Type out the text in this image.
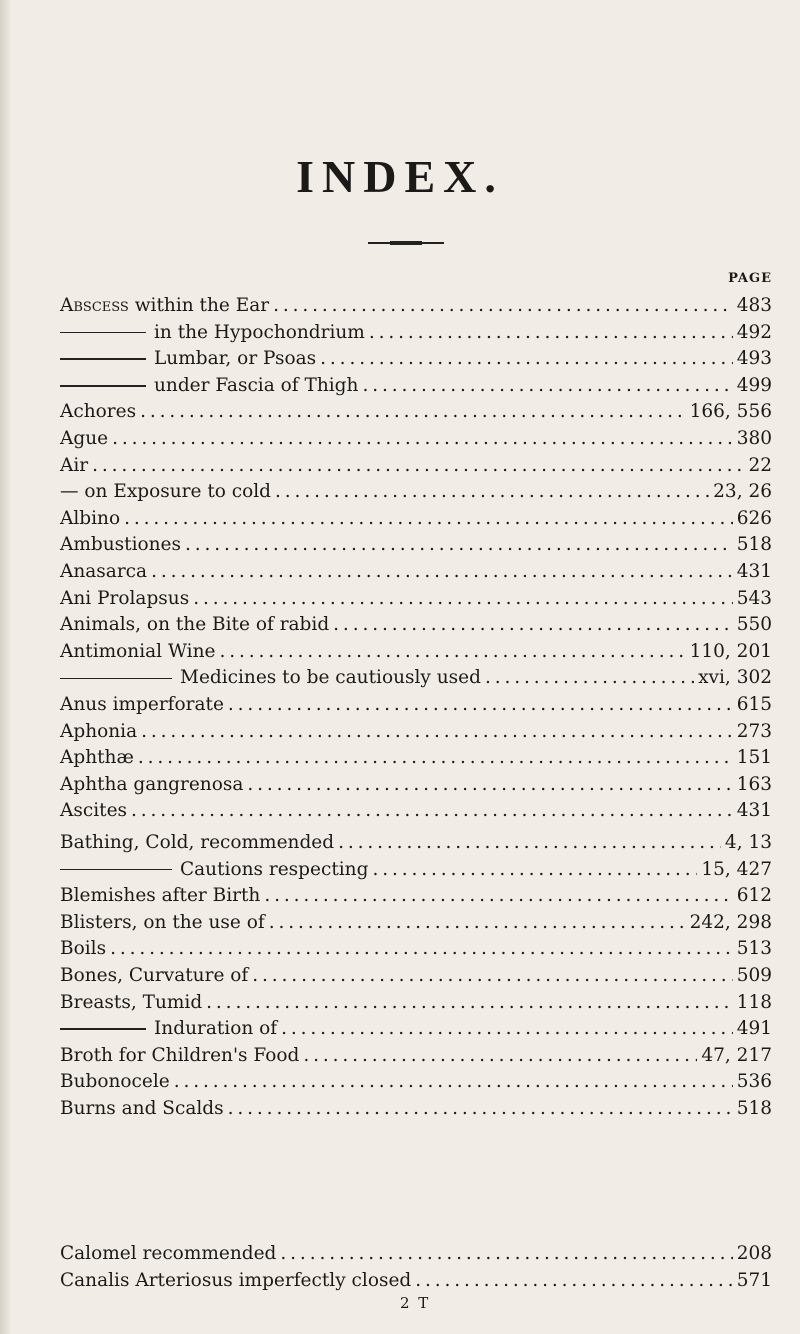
INDEX.
PAGE
Abscess within the Ear . . .	483
in the Hypochondrium . . .	492
Lumbar, or Psoas . . .	493
under Fascia of Thigh . . .	499
Achores . . .	166, 556
Ague . . .	380
Air . . .	22
— on Exposure to cold . . .	23, 26
Albino . . .	626
Ambustiones . . .	518
Anasarca . . .	431
Ani Prolapsus . . .	543
Animals, on the Bite of rabid . . .	550
Antimonial Wine . . .	110, 201
Medicines to be cautiously used . . .	xvi, 302
Anus imperforate . . .	615
Aphonia . . .	273
Aphthæ . . .	151
Aphtha gangrenosa . . .	163
Ascites . . .	431
Bathing, Cold, recommended . . .	4, 13
Cautions respecting . . .	15, 427
Blemishes after Birth . . .	612
Blisters, on the use of . . .	242, 298
Boils . . .	513
Bones, Curvature of . . .	509
Breasts, Tumid . . .	118
Induration of . . .	491
Broth for Children's Food . . .	47, 217
Bubonocele . . .	536
Burns and Scalds . . .	518
Calomel recommended . . .	208
Canalis Arteriosus imperfectly closed . . .	571
2 T
